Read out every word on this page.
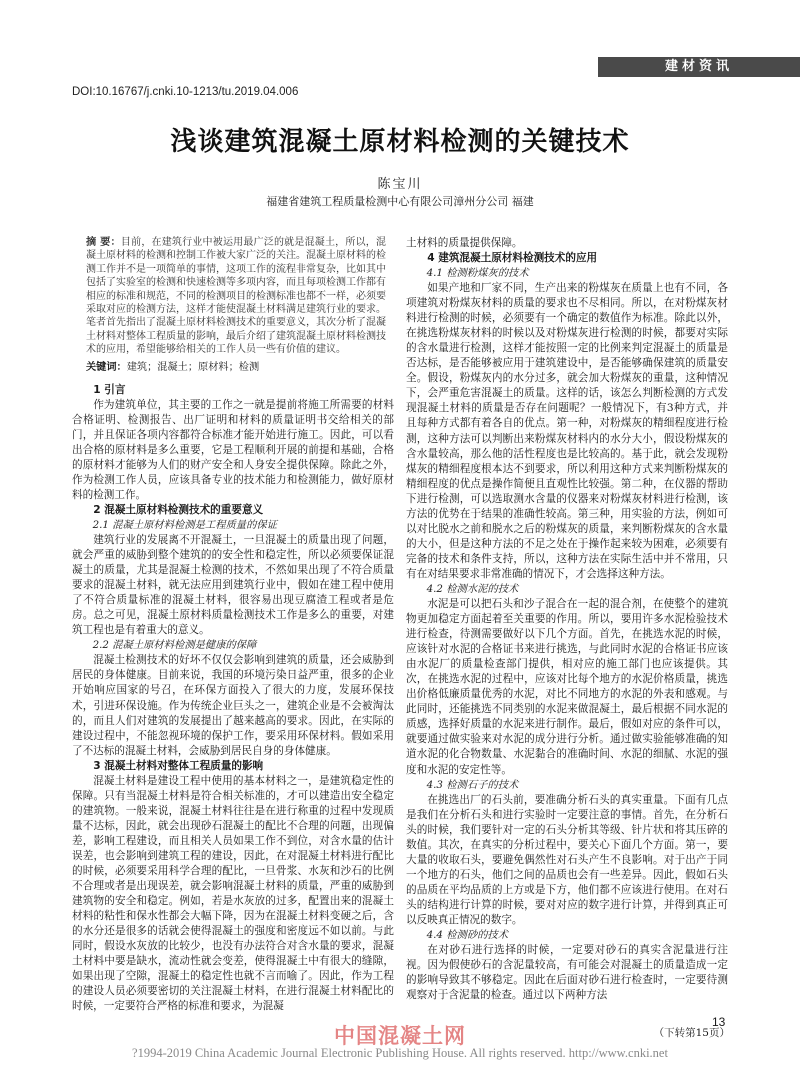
建材资讯
DOI:10.16767/j.cnki.10-1213/tu.2019.04.006
浅谈建筑混凝土原材料检测的关键技术
陈宝川
福建省建筑工程质量检测中心有限公司漳州分公司 福建

摘 要：目前，在建筑行业中被运用最广泛的就是混凝土，所以，混凝土原材料的检测和控制工作被大家广泛的关注。混凝土原材料的检测工作并不是一项简单的事情，这项工作的流程非常复杂，比如其中包括了实验室的检测和快速检测等多项内容，而且每项检测工作都有相应的标准和规范，不同的检测项目的检测标准也都不一样，必须要采取对应的检测方法，这样才能使混凝土材料满足建筑行业的要求。笔者首先指出了混凝土原材料检测技术的重要意义，其次分析了混凝土材料对整体工程质量的影响，最后介绍了建筑混凝土原材料检测技术的应用，希望能够给相关的工作人员一些有价值的建议。

关键词：建筑；混凝土；原材料；检测

1 引言

作为建筑单位，其主要的工作之一就是提前将施工所需要的材料合格证明、检测报告、出厂证明和材料的质量证明书交给相关的部门，并且保证各项内容都符合标准才能开始进行施工。因此，可以看出合格的原材料是多么重要，它是工程顺利开展的前提和基础，合格的原材料才能够为人们的财产安全和人身安全提供保障。除此之外，作为检测工作人员，应该具备专业的技术能力和检测能力，做好原材料的检测工作。

2 混凝土原材料检测技术的重要意义

2.1 混凝土原材料检测是工程质量的保证

建筑行业的发展离不开混凝土，一旦混凝土的质量出现了问题，就会严重的威胁到整个建筑的的安全性和稳定性，所以必须要保证混凝土的质量，尤其是混凝土检测的技术，不然如果出现了不符合质量要求的混凝土材料，就无法应用到建筑行业中，假如在建工程中使用了不符合质量标准的混凝土材料，很容易出现豆腐渣工程或者是危房。总之可见，混凝土原材料质量检测技术工作是多么的重要，对建筑工程也是有着重大的意义。

2.2 混凝土原材料检测是健康的保障

混凝土检测技术的好坏不仅仅会影响到建筑的质量，还会威胁到居民的身体健康。目前来说，我国的环境污染日益严重，很多的企业开始响应国家的号召，在环保方面投入了很大的力度，发展环保技术，引进环保设施。作为传统企业巨头之一，建筑企业是不会被淘汰的，而且人们对建筑的发展提出了越来越高的要求。因此，在实际的建设过程中，不能忽视环境的保护工作，要采用环保材料。假如采用了不达标的混凝土材料，会威胁到居民自身的身体健康。

3 混凝土材料对整体工程质量的影响

混凝土材料是建设工程中使用的基本材料之一，是建筑稳定性的保障。只有当混凝土材料是符合相关标准的，才可以建造出安全稳定的建筑物。一般来说，混凝土材料往往是在进行称重的过程中发现质量不达标，因此，就会出现砂石混凝土的配比不合理的问题，出现偏差，影响工程建设，而且相关人员如果工作不到位，对含水量的估计误差，也会影响到建筑工程的建设，因此，在对混凝土材料进行配比的时候，必须要采用科学合理的配比，一旦骨浆、水灰和沙石的比例不合理或者是出现误差，就会影响混凝土材料的质量，严重的威胁到建筑物的安全和稳定。例如，若是水灰放的过多，配置出来的混凝土材料的粘性和保水性都会大幅下降，因为在混凝土材料变硬之后，含的水分还是很多的话就会使得混凝土的强度和密度远不如以前。与此同时，假设水灰放的比较少，也没有办法符合对含水量的要求，混凝土材料中要是缺水，流动性就会变差，使得混凝土中有很大的缝隙，如果出现了空隙，混凝土的稳定性也就不言而喻了。因此，作为工程的建设人员必须要密切的关注混凝土材料，在进行混凝土材料配比的时候，一定要符合严格的标准和要求，为混凝

土材料的质量提供保障。

4 建筑混凝土原材料检测技术的应用

4.1 检测粉煤灰的技术

如果产地和厂家不同，生产出来的粉煤灰在质量上也有不同，各项建筑对粉煤灰材料的质量的要求也不尽相同。所以，在对粉煤灰材料进行检测的时候，必须要有一个确定的数值作为标准。除此以外，在挑选粉煤灰材料的时候以及对粉煤灰进行检测的时候，都要对实际的含水量进行检测，这样才能按照一定的比例来判定混凝土的质量是否达标，是否能够被应用于建筑建设中，是否能够确保建筑的质量安全。假设，粉煤灰内的水分过多，就会加大粉煤灰的重量，这种情况下，会严重危害混凝土的质量。这样的话，该怎么判断检测的方式发现混凝土材料的质量是否存在问题呢？一般情况下，有3种方式，并且每种方式都有着各自的优点。第一种，对粉煤灰的精细程度进行检测，这种方法可以判断出来粉煤灰材料内的水分大小，假设粉煤灰的含水量较高，那么他的活性程度也是比较高的。基于此，就会发现粉煤灰的精细程度根本达不到要求，所以利用这种方式来判断粉煤灰的精细程度的优点是操作简便且直观性比较强。第二种，在仪器的帮助下进行检测，可以选取测水含量的仪器来对粉煤灰材料进行检测，该方法的优势在于结果的准确性较高。第三种，用实验的方法，例如可以对比脱水之前和脱水之后的粉煤灰的质量，来判断粉煤灰的含水量的大小，但是这种方法的不足之处在于操作起来较为困难，必须要有完备的技术和条件支持，所以，这种方法在实际生活中并不常用，只有在对结果要求非常准确的情况下，才会选择这种方法。

4.2 检测水泥的技术

水泥是可以把石头和沙子混合在一起的混合剂，在使整个的建筑物更加稳定方面起着至关重要的作用。所以，要用许多水泥检验技术进行检查，待测需要做好以下几个方面。首先，在挑选水泥的时候，应该针对水泥的合格证书来进行挑选，与此同时水泥的合格证书应该由水泥厂的质量检查部门提供，相对应的施工部门也应该提供。其次，在挑选水泥的过程中，应该对比每个地方的水泥价格质量，挑选出价格低廉质量优秀的水泥，对比不同地方的水泥的外表和感观。与此同时，还能挑选不同类别的水泥来做混凝土，最后根据不同水泥的质感，选择好质量的水泥来进行制作。最后，假如对应的条件可以，就要通过做实验来对水泥的成分进行分析。通过做实验能够准确的知道水泥的化合物数量、水泥黏合的准确时间、水泥的细腻、水泥的强度和水泥的安定性等。

4.3 检测石子的技术

在挑选出厂的石头前，要准确分析石头的真实重量。下面有几点是我们在分析石头和进行实验时一定要注意的事情。首先，在分析石头的时候，我们要针对一定的石头分析其等级、针片状和将其压碎的数值。其次，在真实的分析过程中，要关心下面几个方面。第一，要大量的收取石头，要避免偶然性对石头产生不良影响。对于出产于同一个地方的石头，他们之间的品质也会有一些差异。因此，假如石头的品质在平均品质的上方或是下方，他们都不应该进行使用。在对石头的结构进行计算的时候，要对对应的数字进行计算，并得到真正可以反映真正情况的数字。

4.4 检测砂的技术

在对砂石进行选择的时候，一定要对砂石的真实含泥量进行注视。因为假使砂石的含泥量较高，有可能会对混凝土的质量造成一定的影响导致其不够稳定。因此在后面对砂石进行检查时，一定要待测观察对于含泥量的检查。通过以下两种方法

（下转第15页）
13
中国混凝土网
?1994-2019 China Academic Journal Electronic Publishing House. All rights reserved. http://www.cnki.net
